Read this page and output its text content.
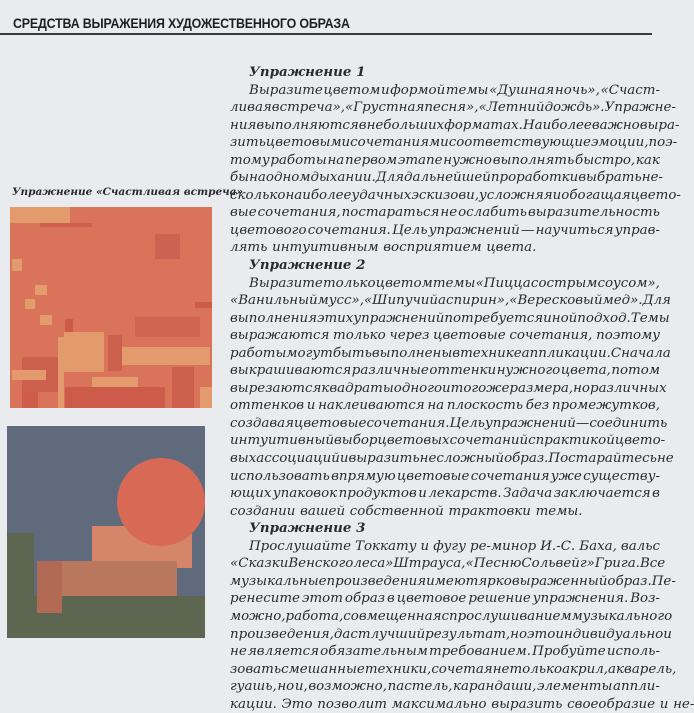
СРЕДСТВА ВЫРАЖЕНИЯ ХУДОЖЕСТВЕННОГО ОБРАЗА
Упражнение «Счастливая встреча»
Упражнение 1
Выразите цветом и формой темы «Душная ночь», «Счаст-
ливая встреча», «Грустная песня», «Летний дождь». Упражне-
ния выполняются в небольших форматах. Наиболее важно выра-
зить цветовыми сочетаниями соответствующие эмоции, поэ-
тому работы на первом этапе нужно выполнять быстро, как
бы на одном дыхании. Для дальнейшей проработки выбрать не-
сколько наиболее удачных эскизов и, усложняя и обогащая цвето-
вые сочетания, постараться не ослабить выразительность
цветового сочетания. Цель упражнений — научиться управ-
лять интуитивным восприятием цвета.
Упражнение 2
Выразите только цветом темы «Пицца с острым соусом»,
«Ванильный мусс», «Шипучий аспирин», «Вересковый мед». Для
выполнения этих упражнений потребуется иной подход. Темы
выражаются только через цветовые сочетания, поэтому
работы могут быть выполнены в технике аппликации. Сначала
выкрашиваются различные оттенки нужного цвета, потом
вырезаются квадраты одного и того же размера, но различных
оттенков и наклеиваются на плоскость без промежутков,
создавая цветовые сочетания. Цель упражнений — соединить
интуитивный выбор цветовых сочетаний с практикой цвето-
вых ассоциаций и выразить несложный образ. Постарайтесь не
использовать впрямую цветовые сочетания уже существу-
ющих упаковок продуктов и лекарств. Задача заключается в
создании вашей собственной трактовки темы.
Упражнение 3
Прослушайте Токкату и фугу ре-минор И.-С. Баха, вальс
«Сказки Венского леса» Штрауса, «Песню Сольвейг» Грига. Все
музыкальные произведения имеют ярко выраженный образ. Пе-
ренесите этот образ в цветовое решение упражнения. Воз-
можно, работа, совмещенная с прослушиванием музыкального
произведения, даст лучший результат, но это индивидуально и
не является обязательным требованием. Пробуйте исполь-
зовать смешанные техники, сочетая не только акрил, акварель,
гуашь, но и, возможно, пастель, карандаши, элементы аппли-
кации. Это позволит максимально выразить своеобразие и не-
